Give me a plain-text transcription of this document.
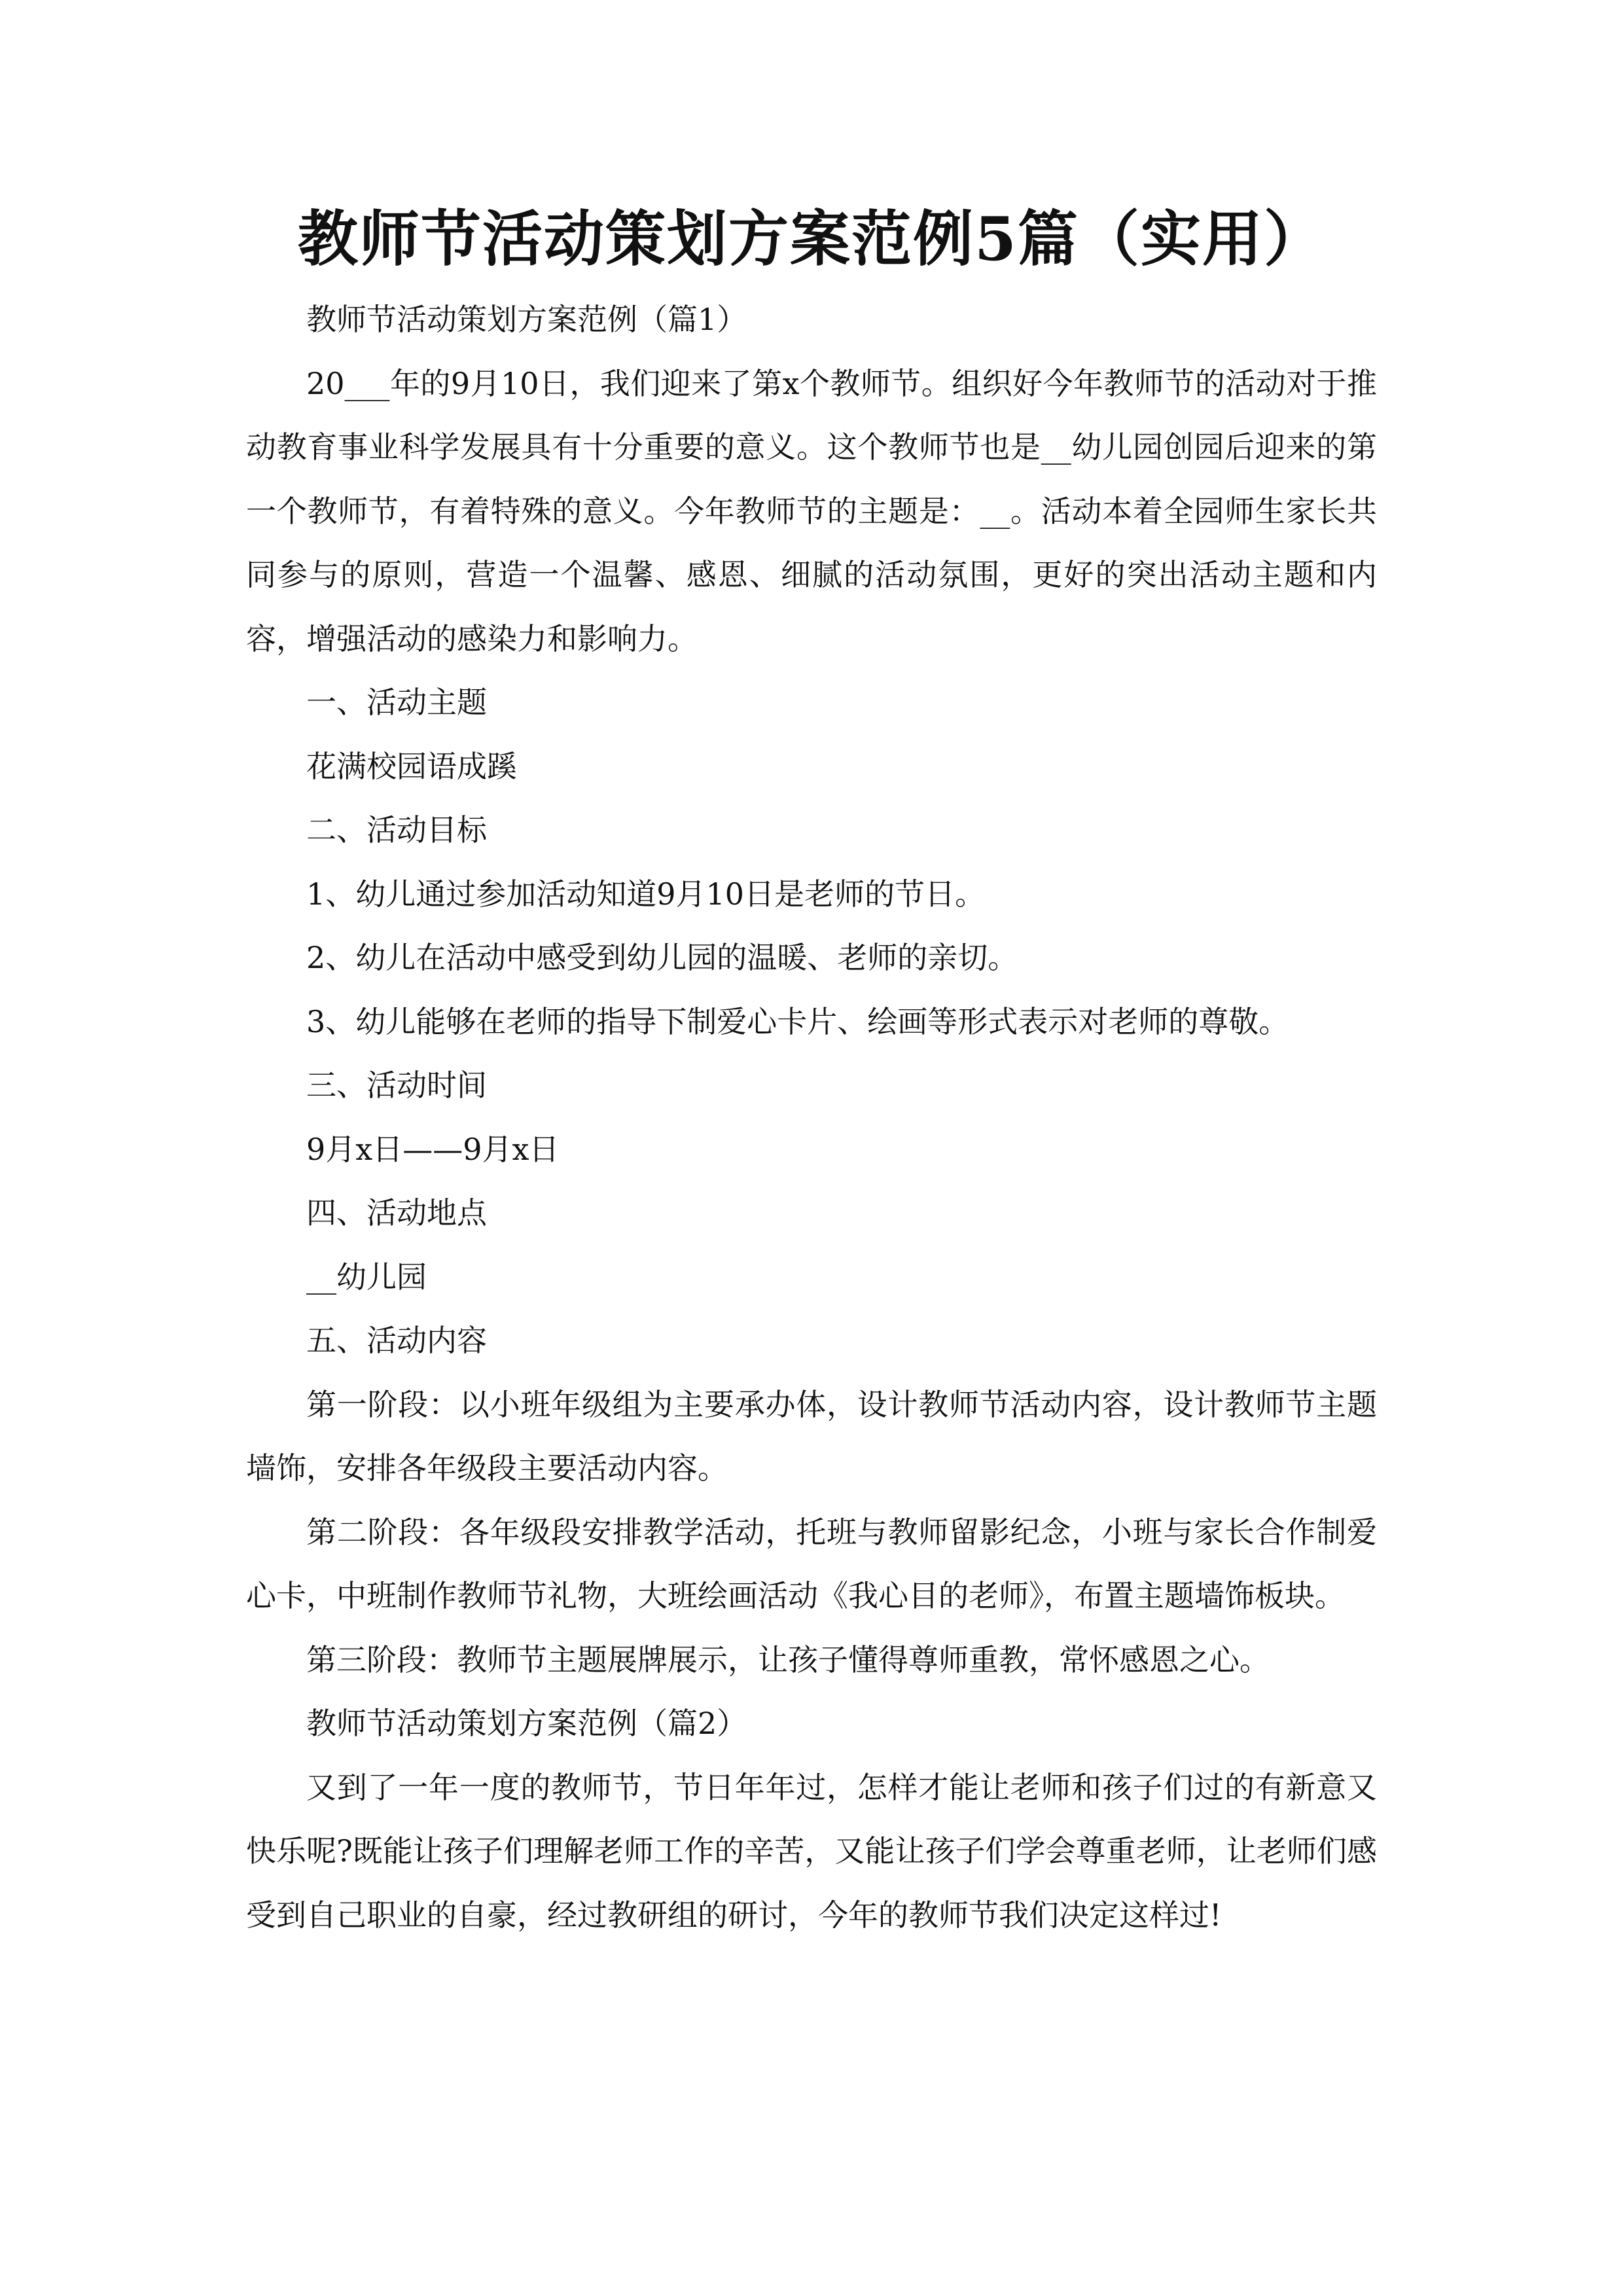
教师节活动策划方案范例5篇（实用）

教师节活动策划方案范例（篇1）

20___年的9月10日，我们迎来了第x个教师节。组织好今年教师节的活动对于推动教育事业科学发展具有十分重要的意义。这个教师节也是__幼儿园创园后迎来的第一个教师节，有着特殊的意义。今年教师节的主题是：__。活动本着全园师生家长共同参与的原则，营造一个温馨、感恩、细腻的活动氛围，更好的突出活动主题和内容，增强活动的感染力和影响力。

一、活动主题

花满校园语成蹊

二、活动目标

1、幼儿通过参加活动知道9月10日是老师的节日。

2、幼儿在活动中感受到幼儿园的温暖、老师的亲切。

3、幼儿能够在老师的指导下制爱心卡片、绘画等形式表示对老师的尊敬。

三、活动时间

9月x日——9月x日

四、活动地点

__幼儿园

五、活动内容

第一阶段：以小班年级组为主要承办体，设计教师节活动内容，设计教师节主题墙饰，安排各年级段主要活动内容。

第二阶段：各年级段安排教学活动，托班与教师留影纪念，小班与家长合作制爱心卡，中班制作教师节礼物，大班绘画活动《我心目的老师》，布置主题墙饰板块。

第三阶段：教师节主题展牌展示，让孩子懂得尊师重教，常怀感恩之心。

教师节活动策划方案范例（篇2）

又到了一年一度的教师节，节日年年过，怎样才能让老师和孩子们过的有新意又快乐呢?既能让孩子们理解老师工作的辛苦，又能让孩子们学会尊重老师，让老师们感受到自己职业的自豪，经过教研组的研讨，今年的教师节我们决定这样过!
